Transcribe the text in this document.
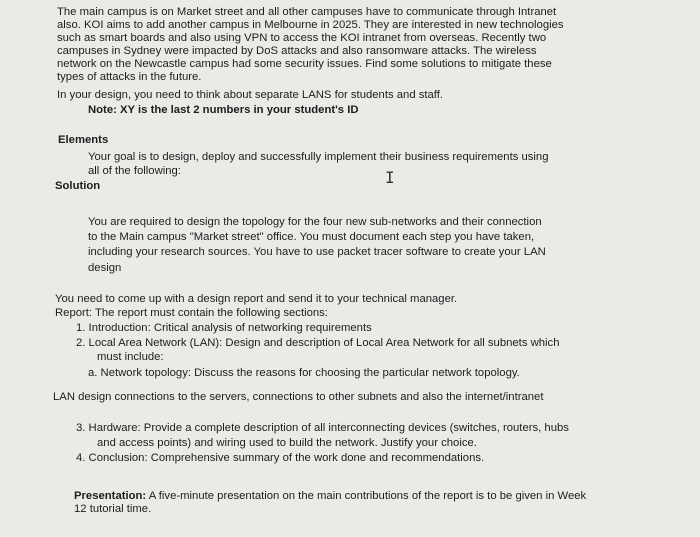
The main campus is on Market street and all other campuses have to communicate through Intranet
also. KOI aims to add another campus in Melbourne in 2025. They are interested in new technologies
such as smart boards and also using VPN to access the KOI intranet from overseas. Recently two
campuses in Sydney were impacted by DoS attacks and also ransomware attacks. The wireless
network on the Newcastle campus had some security issues. Find some solutions to mitigate these
types of attacks in the future.
In your design, you need to think about separate LANS for students and staff.
Note: XY is the last 2 numbers in your student's ID
Elements
Your goal is to design, deploy and successfully implement their business requirements using
all of the following:	I
Solution
You are required to design the topology for the four new sub-networks and their connection
to the Main campus "Market street" office. You must document each step you have taken,
including your research sources. You have to use packet tracer software to create your LAN
design
You need to come up with a design report and send it to your technical manager.
Report: The report must contain the following sections:
1. Introduction: Critical analysis of networking requirements
2. Local Area Network (LAN): Design and description of Local Area Network for all subnets which
must include:
a. Network topology: Discuss the reasons for choosing the particular network topology.
LAN design connections to the servers, connections to other subnets and also the internet/intranet
3. Hardware: Provide a complete description of all interconnecting devices (switches, routers, hubs
and access points) and wiring used to build the network. Justify your choice.
4. Conclusion: Comprehensive summary of the work done and recommendations.
Presentation: A five-minute presentation on the main contributions of the report is to be given in Week
12 tutorial time.
